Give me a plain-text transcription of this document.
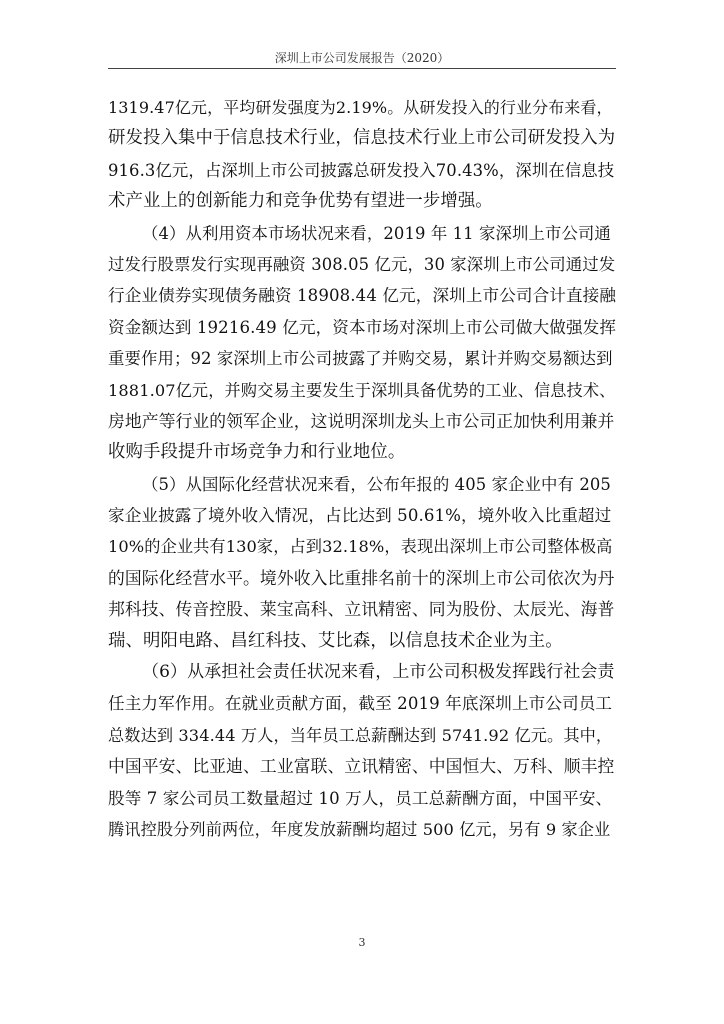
深圳上市公司发展报告（2020）
1319.47亿元，平均研发强度为2.19%。从研发投入的行业分布来看，
研发投入集中于信息技术行业，信息技术行业上市公司研发投入为
916.3亿元，占深圳上市公司披露总研发投入70.43%，深圳在信息技
术产业上的创新能力和竞争优势有望进一步增强。
（4）从利用资本市场状况来看，2019 年 11 家深圳上市公司通
过发行股票发行实现再融资 308.05 亿元，30 家深圳上市公司通过发
行企业债券实现债务融资 18908.44 亿元，深圳上市公司合计直接融
资金额达到 19216.49 亿元，资本市场对深圳上市公司做大做强发挥
重要作用；92 家深圳上市公司披露了并购交易，累计并购交易额达到
1881.07亿元，并购交易主要发生于深圳具备优势的工业、信息技术、
房地产等行业的领军企业，这说明深圳龙头上市公司正加快利用兼并
收购手段提升市场竞争力和行业地位。
（5）从国际化经营状况来看，公布年报的 405 家企业中有 205
家企业披露了境外收入情况，占比达到 50.61%，境外收入比重超过
10%的企业共有130家，占到32.18%，表现出深圳上市公司整体极高
的国际化经营水平。境外收入比重排名前十的深圳上市公司依次为丹
邦科技、传音控股、莱宝高科、立讯精密、同为股份、太辰光、海普
瑞、明阳电路、昌红科技、艾比森，以信息技术企业为主。
（6）从承担社会责任状况来看，上市公司积极发挥践行社会责
任主力军作用。在就业贡献方面，截至 2019 年底深圳上市公司员工
总数达到 334.44 万人，当年员工总薪酬达到 5741.92 亿元。其中，
中国平安、比亚迪、工业富联、立讯精密、中国恒大、万科、顺丰控
股等 7 家公司员工数量超过 10 万人，员工总薪酬方面，中国平安、
腾讯控股分列前两位，年度发放薪酬均超过 500 亿元，另有 9 家企业
3
